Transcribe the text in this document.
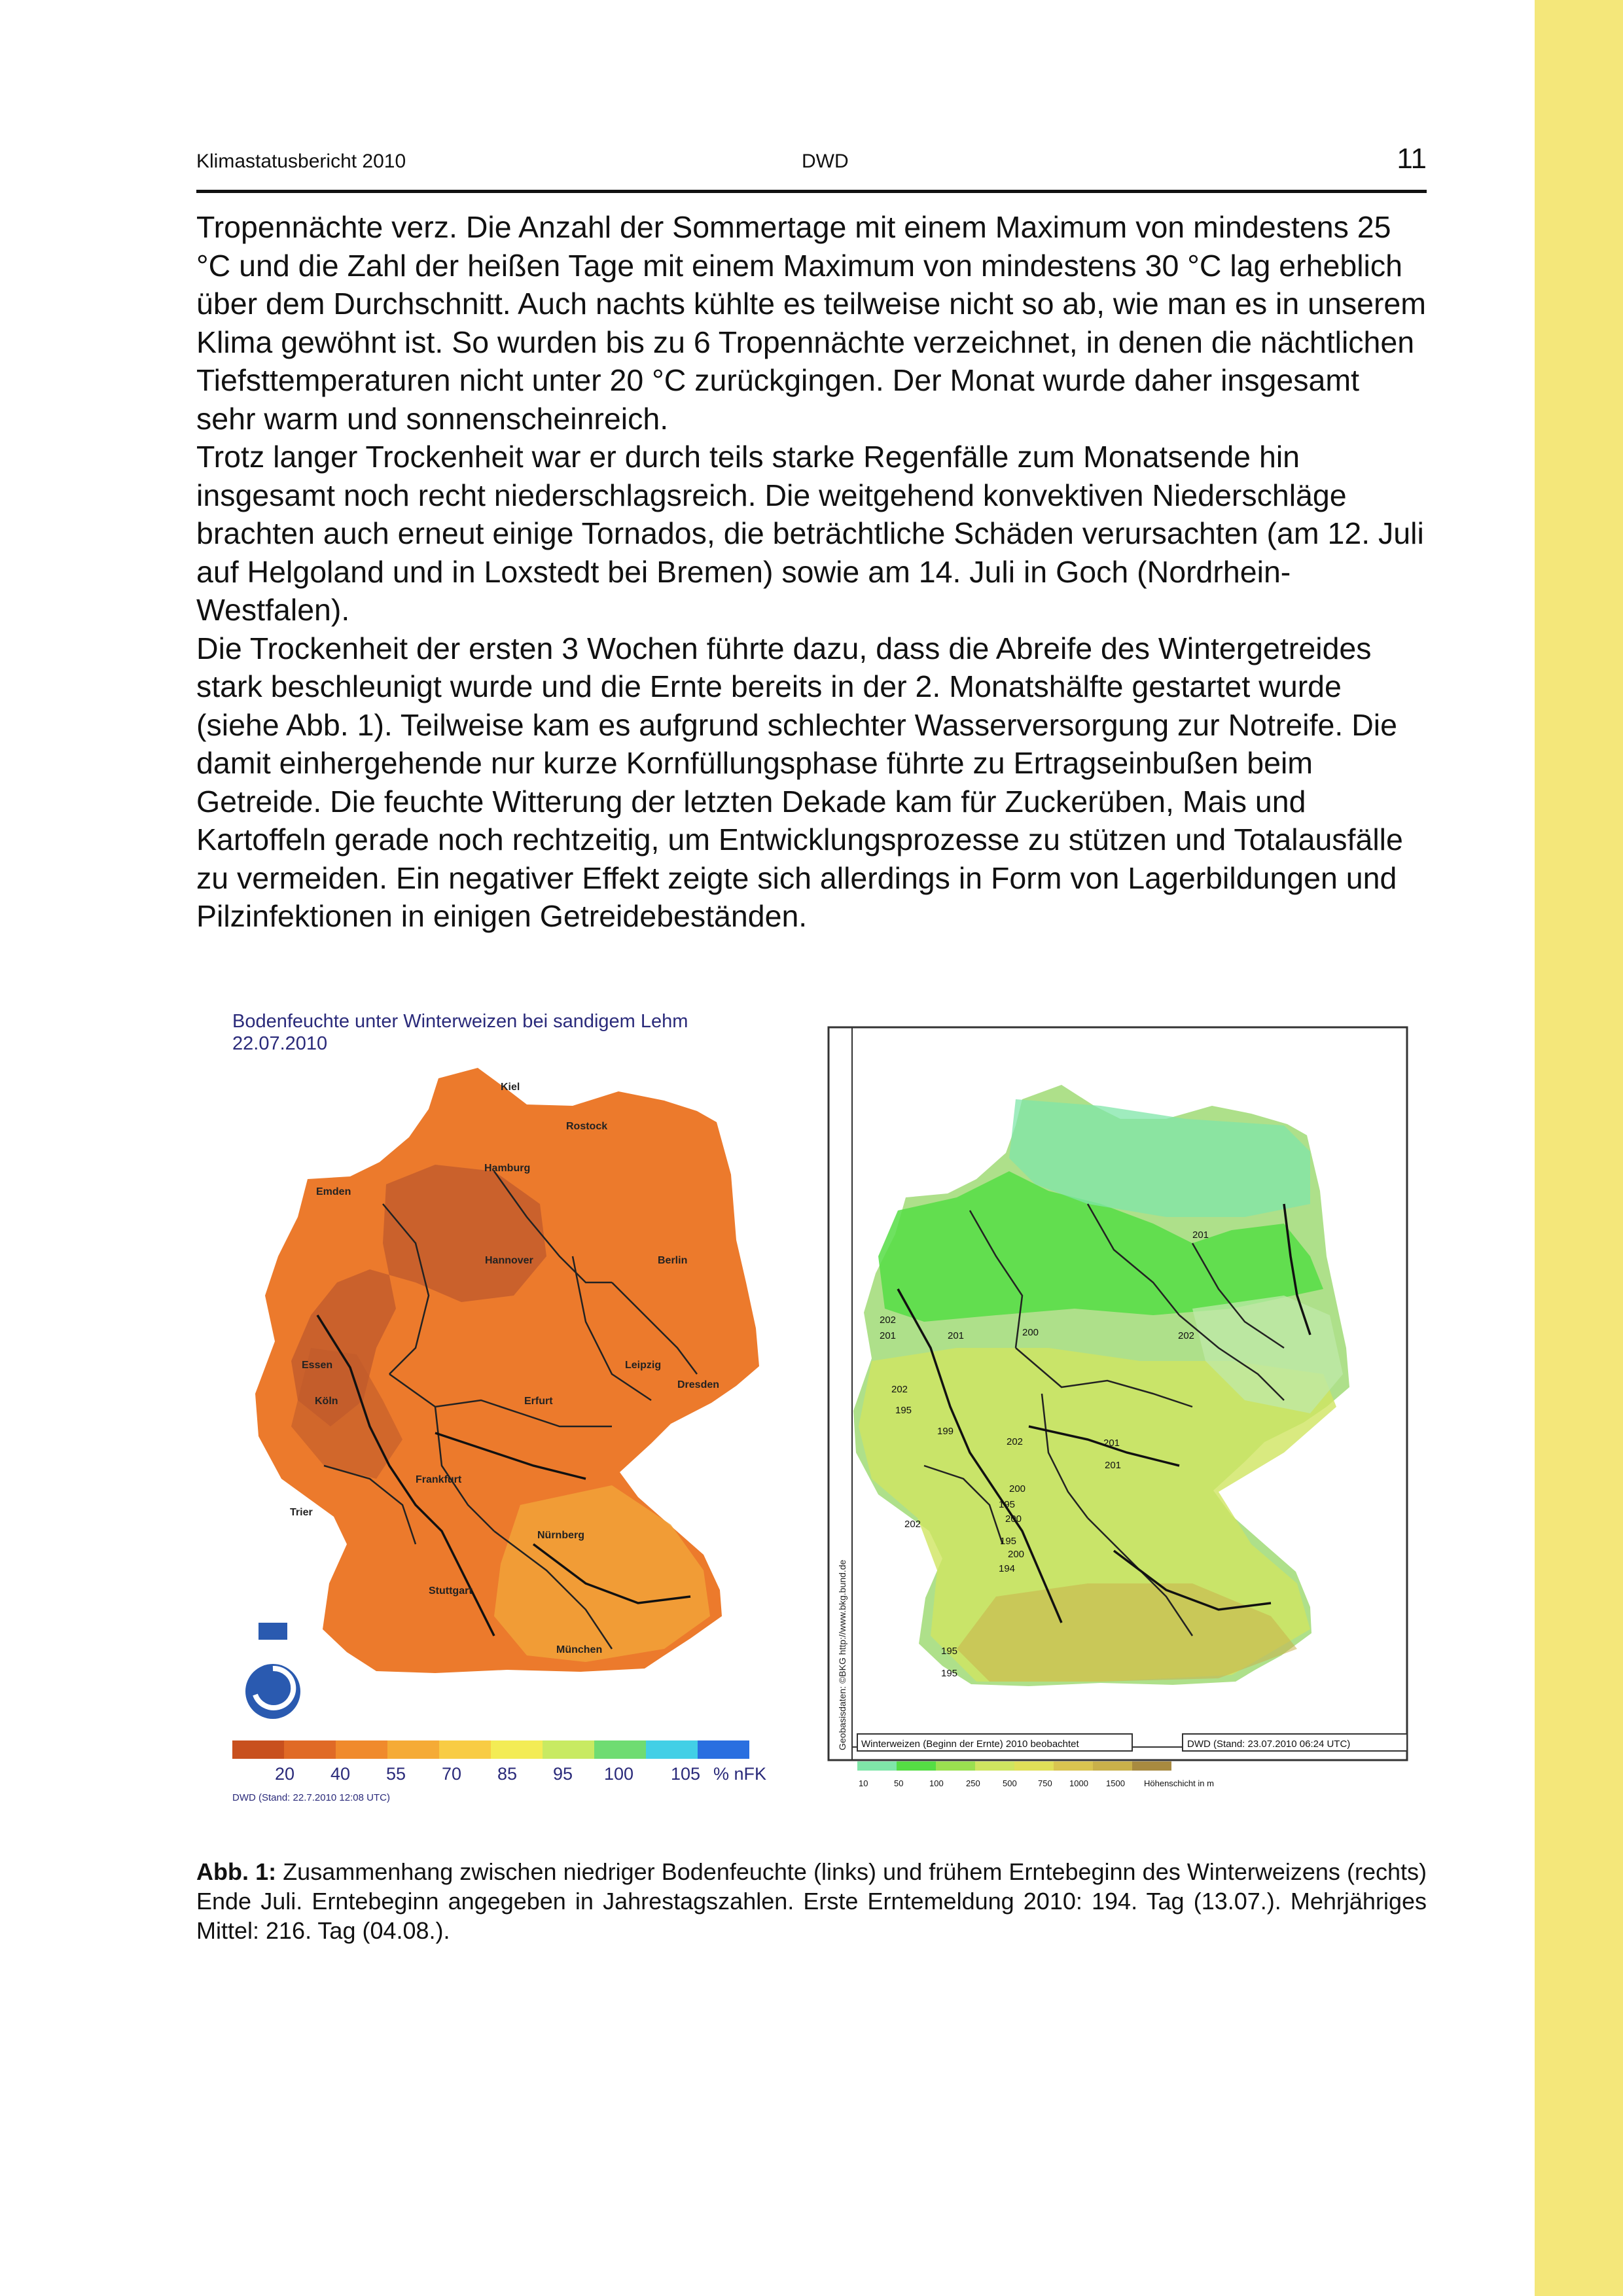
Klimastatusbericht 2010	DWD	11

Tropennächte verz. Die Anzahl der Sommertage mit einem Maximum von mindestens 25 °C und die Zahl der heißen Tage mit einem Maximum von mindestens 30 °C lag erheblich über dem Durchschnitt. Auch nachts kühlte es teilweise nicht so ab, wie man es in unserem Klima gewöhnt ist. So wurden bis zu 6 Tropennächte verzeichnet, in denen die nächtlichen Tiefsttemperaturen nicht unter 20 °C zurückgingen. Der Monat wurde daher insgesamt sehr warm und sonnenscheinreich.

Trotz langer Trockenheit war er durch teils starke Regenfälle zum Monatsende hin insgesamt noch recht niederschlagsreich. Die weitgehend konvektiven Niederschläge brachten auch erneut einige Tornados, die beträchtliche Schäden verursachten (am 12. Juli auf Helgoland und in Loxstedt bei Bremen) sowie am 14. Juli in Goch (Nordrhein-Westfalen).

Die Trockenheit der ersten 3 Wochen führte dazu, dass die Abreife des Wintergetreides stark beschleunigt wurde und die Ernte bereits in der 2. Monatshälfte gestartet wurde (siehe Abb. 1). Teilweise kam es aufgrund schlechter Wasserversorgung zur Notreife. Die damit einhergehende nur kurze Kornfüllungsphase führte zu Ertragseinbußen beim Getreide. Die feuchte Witterung der letzten Dekade kam für Zuckerüben, Mais und Kartoffeln gerade noch rechtzeitig, um Entwicklungsprozesse zu stützen und Totalausfälle zu vermeiden. Ein negativer Effekt zeigte sich allerdings in Form von Lagerbildungen und Pilzinfektionen in einigen Getreidebeständen.

Bodenfeuchte unter Winterweizen bei sandigem Lehm
22.07.2010
Kiel
Rostock
Hamburg
Emden
Hannover	Berlin
Essen	Leipzig
Dresden
Köln	Erfurt
Frankfurt
Trier
Nürnberg
Stuttgart
München
20 40 55 70 85 95 100 105 % nFK
DWD (Stand: 22.7.2010 12:08 UTC)
Geobasisdaten: ©BKG http://www.bkg.bund.de
201
202
201	201	200	202
202
195
199
202	201
201
200
195
200
202
195
200
194
195
195
Winterweizen (Beginn der Ernte) 2010 beobachtet	DWD (Stand: 23.07.2010 06:24 UTC)
10	50	100	250	500 750 1000 1500 Höhenschicht in m
Abb. 1: Zusammenhang zwischen niedriger Bodenfeuchte (links) und frühem Erntebeginn des Winterweizens (rechts) Ende Juli. Erntebeginn angegeben in Jahrestagszahlen. Erste Erntemeldung 2010: 194. Tag (13.07.). Mehrjähriges Mittel: 216. Tag (04.08.).
